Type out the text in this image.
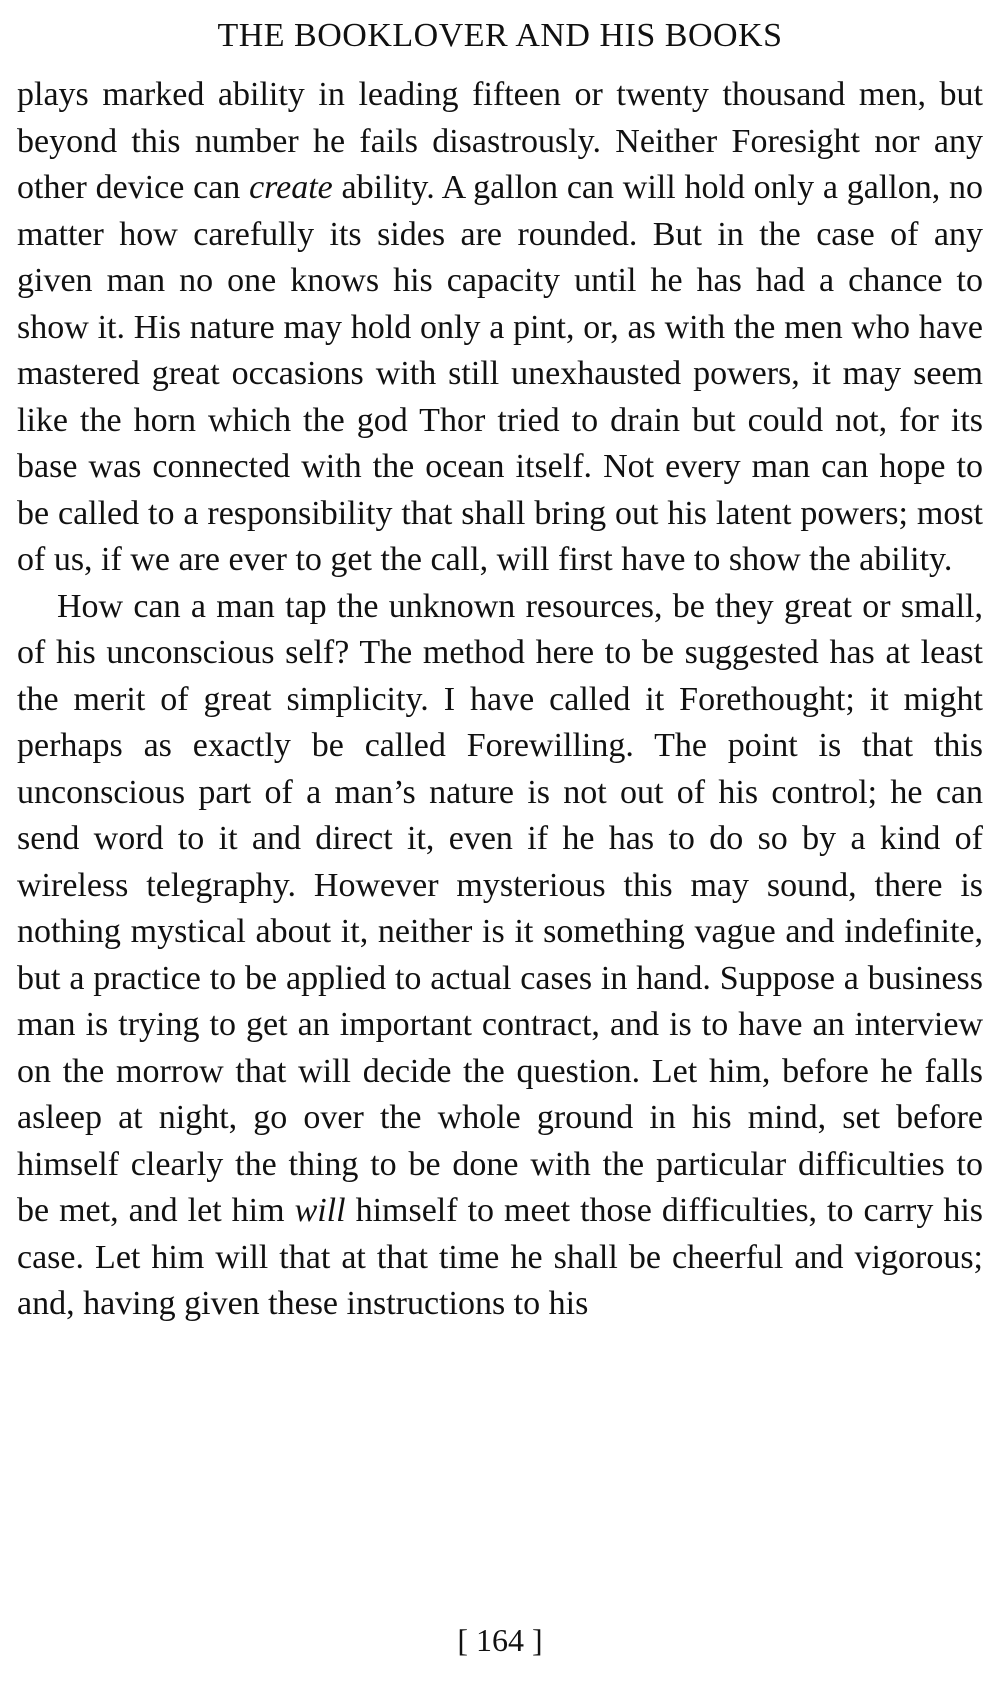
THE BOOKLOVER AND HIS BOOKS

plays marked ability in leading fifteen or twenty thousand men, but beyond this number he fails disastrously. Neither Foresight nor any other device can create ability. A gallon can will hold only a gallon, no matter how carefully its sides are rounded. But in the case of any given man no one knows his capacity until he has had a chance to show it. His nature may hold only a pint, or, as with the men who have mastered great occasions with still unexhausted powers, it may seem like the horn which the god Thor tried to drain but could not, for its base was connected with the ocean itself. Not every man can hope to be called to a responsibility that shall bring out his latent powers; most of us, if we are ever to get the call, will first have to show the ability.

How can a man tap the unknown resources, be they great or small, of his unconscious self? The method here to be suggested has at least the merit of great simplicity. I have called it Forethought; it might perhaps as exactly be called Forewilling. The point is that this unconscious part of a man’s nature is not out of his control; he can send word to it and direct it, even if he has to do so by a kind of wireless telegraphy. However mysterious this may sound, there is nothing mystical about it, neither is it something vague and indefinite, but a practice to be applied to actual cases in hand. Suppose a business man is trying to get an important contract, and is to have an interview on the morrow that will decide the question. Let him, before he falls asleep at night, go over the whole ground in his mind, set before himself clearly the thing to be done with the particular difficulties to be met, and let him will himself to meet those difficulties, to carry his case. Let him will that at that time he shall be cheerful and vigorous; and, having given these instructions to his

[ 164 ]
